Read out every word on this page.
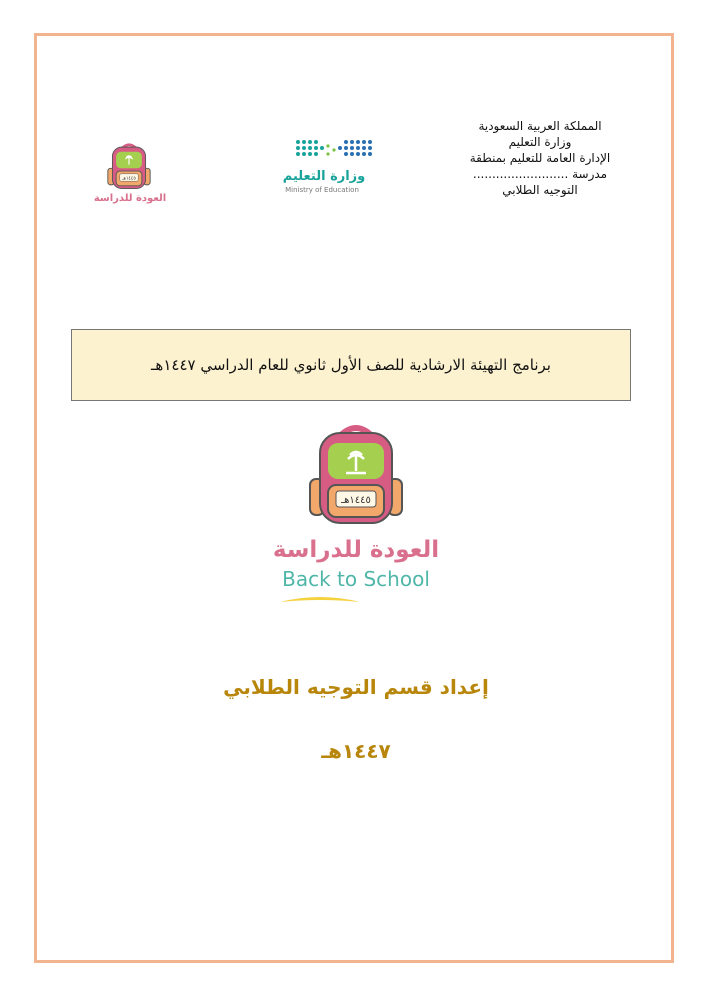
المملكة العربية السعودية
وزارة التعليم
الإدارة العامة للتعليم بمنطقة
مدرسة .........................
التوجيه الطلابي
وزارة التعليم
Ministry of Education
١٤٤٥هـ
العودة للدراسة
برنامج التهيئة الارشادية للصف الأول ثانوي للعام الدراسي ١٤٤٧هـ
١٤٤٥هـ
العودة للدراسة
Back to School
إعداد قسم التوجيه الطلابي
١٤٤٧هـ
